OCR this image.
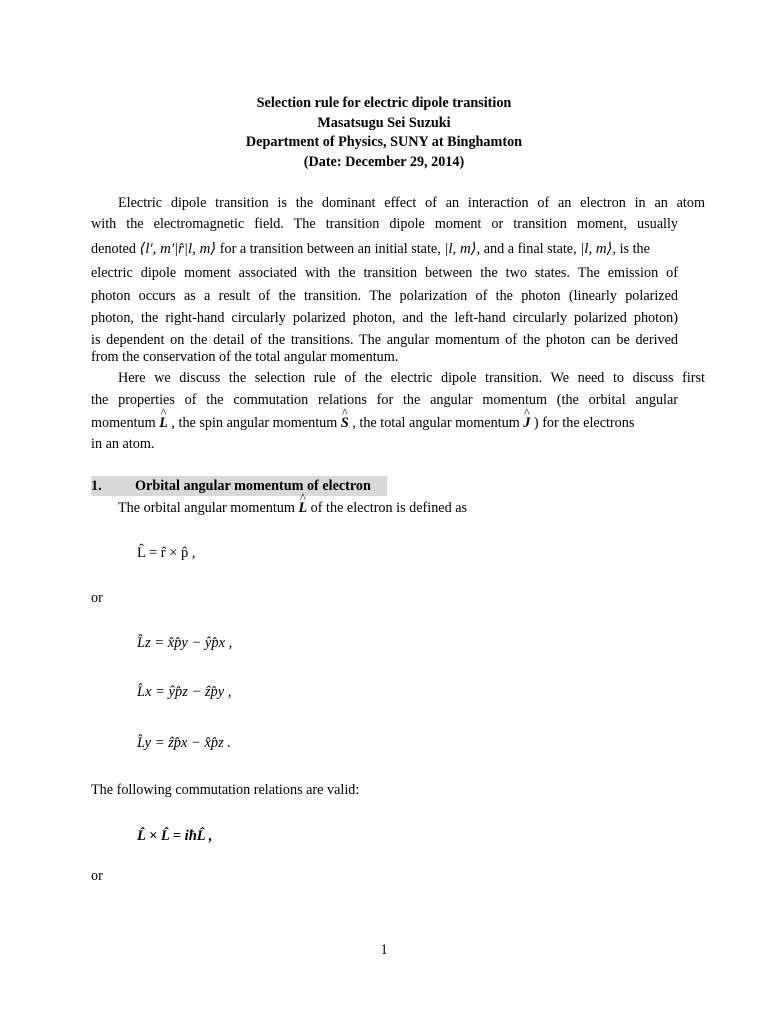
Selection rule for electric dipole transition
Masatsugu Sei Suzuki
Department of Physics, SUNY at Binghamton
(Date: December 29, 2014)
Electric dipole transition is the dominant effect of an interaction of an electron in an atom
with the electromagnetic field. The transition dipole moment or transition moment, usually
denoted ⟨l', m'|r̂|l, m⟩ for a transition between an initial state, |l, m⟩, and a final state, |l, m⟩, is the
electric dipole moment associated with the transition between the two states. The emission of
photon occurs as a result of the transition. The polarization of the photon (linearly polarized
photon, the right-hand circularly polarized photon, and the left-hand circularly polarized photon)
is dependent on the detail of the transitions. The angular momentum of the photon can be derived
from the conservation of the total angular momentum.
Here we discuss the selection rule of the electric dipole transition. We need to discuss first
the properties of the commutation relations for the angular momentum (the orbital angular
momentum ^ L , the spin angular momentum ^ S , the total angular momentum ^ J ) for the electrons
in an atom.
1. Orbital angular momentum of electron
The orbital angular momentum ^ L of the electron is defined as
L̂ = r̂ × p̂ ,
or
L̂z = x̂p̂y − ŷp̂x ,
L̂x = ŷp̂z − ẑp̂y ,
L̂y = ẑp̂x − x̂p̂z .
The following commutation relations are valid:
L̂ × L̂ = iħL̂ ,
or
1
